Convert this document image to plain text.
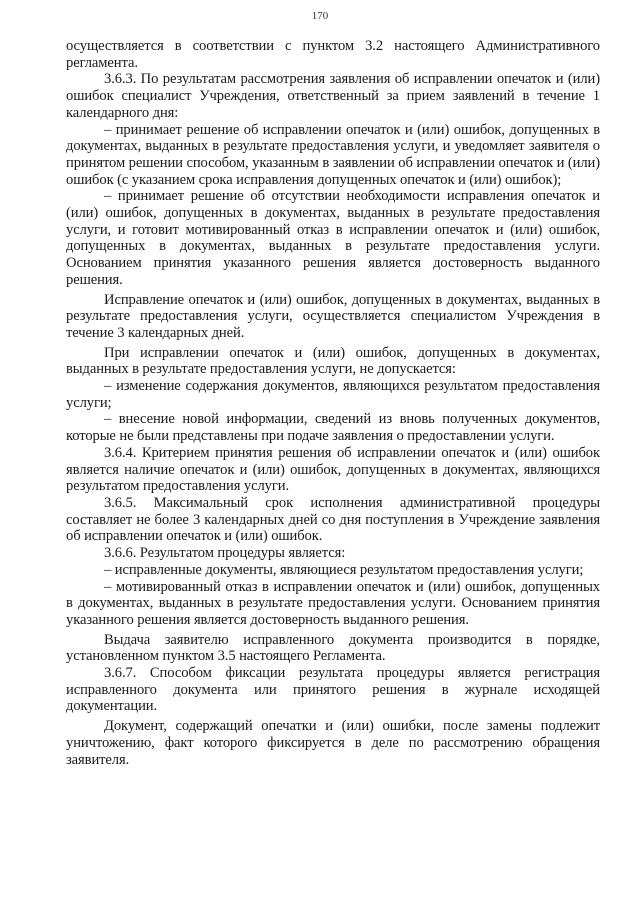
170

осуществляется в соответствии с пунктом 3.2 настоящего Административного регламента.

3.6.3. По результатам рассмотрения заявления об исправлении опечаток и (или) ошибок специалист Учреждения, ответственный за прием заявлений в течение 1 календарного дня:

– принимает решение об исправлении опечаток и (или) ошибок, допущенных в документах, выданных в результате предоставления услуги, и уведомляет заявителя о принятом решении способом, указанным в заявлении об исправлении опечаток и (или) ошибок (с указанием срока исправления допущенных опечаток и (или) ошибок);

– принимает решение об отсутствии необходимости исправления опечаток и (или) ошибок, допущенных в документах, выданных в результате предоставления услуги, и готовит мотивированный отказ в исправлении опечаток и (или) ошибок, допущенных в документах, выданных в результате предоставления услуги. Основанием принятия указанного решения является достоверность выданного решения.

Исправление опечаток и (или) ошибок, допущенных в документах, выданных в результате предоставления услуги, осуществляется специалистом Учреждения в течение 3 календарных дней.

При исправлении опечаток и (или) ошибок, допущенных в документах, выданных в результате предоставления услуги, не допускается:

– изменение содержания документов, являющихся результатом предоставления услуги;

– внесение новой информации, сведений из вновь полученных документов, которые не были представлены при подаче заявления о предоставлении услуги.

3.6.4. Критерием принятия решения об исправлении опечаток и (или) ошибок является наличие опечаток и (или) ошибок, допущенных в документах, являющихся результатом предоставления услуги.

3.6.5. Максимальный срок исполнения административной процедуры составляет не более 3 календарных дней со дня поступления в Учреждение заявления об исправлении опечаток и (или) ошибок.

3.6.6. Результатом процедуры является:

– исправленные документы, являющиеся результатом предоставления услуги;

– мотивированный отказ в исправлении опечаток и (или) ошибок, допущенных в документах, выданных в результате предоставления услуги. Основанием принятия указанного решения является достоверность выданного решения.

Выдача заявителю исправленного документа производится в порядке, установленном пунктом 3.5 настоящего Регламента.

3.6.7. Способом фиксации результата процедуры является регистрация исправленного документа или принятого решения в журнале исходящей документации.

Документ, содержащий опечатки и (или) ошибки, после замены подлежит уничтожению, факт которого фиксируется в деле по рассмотрению обращения заявителя.
